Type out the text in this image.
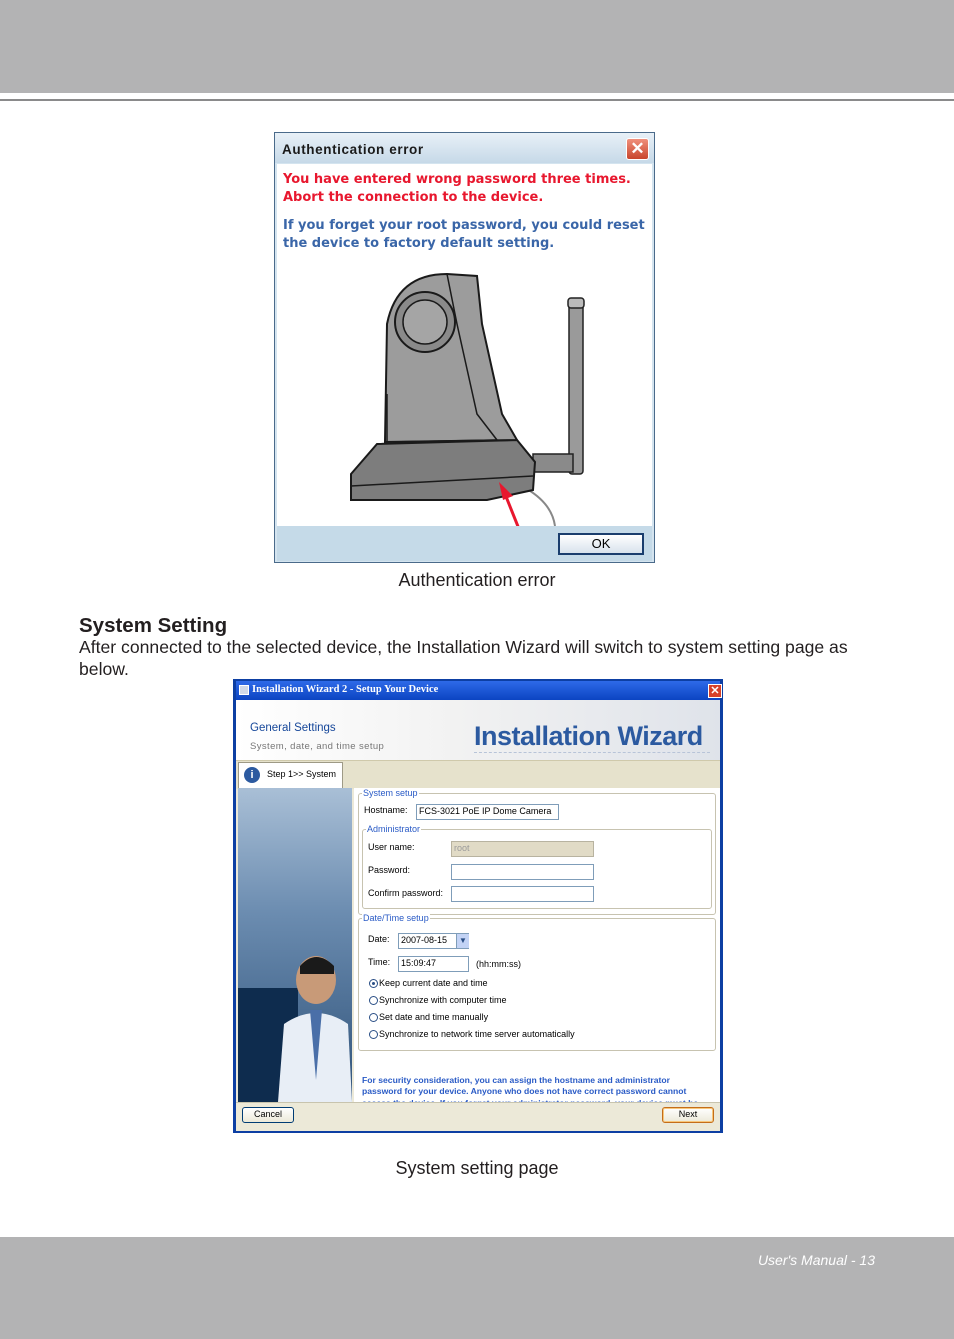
Authentication error	✕
You have entered wrong password three times.
Abort the connection to the device.
If you forget your root password, you could reset
the device to factory default setting.
OK
Authentication error
System Setting
After connected to the selected device, the Installation Wizard will switch to system setting page as below.
Installation Wizard 2 - Setup Your Device	✕
General Settings
System, date, and time setup	Installation Wizard
i	Step 1>> System
System setup
Hostname:	FCS-3021 PoE IP Dome Camera
Administrator
User name:	root
Password:
Confirm password:
Date/Time setup
Date:	2007-08-15	▼
Time:	15:09:47	(hh:mm:ss)
Keep current date and time
Synchronize with computer time
Set date and time manually
Synchronize to network time server automatically
For security consideration, you can assign the hostname and administrator password for your device. Anyone who does not have correct password cannot
Cancel	Next
System setting page
User's Manual - 13
